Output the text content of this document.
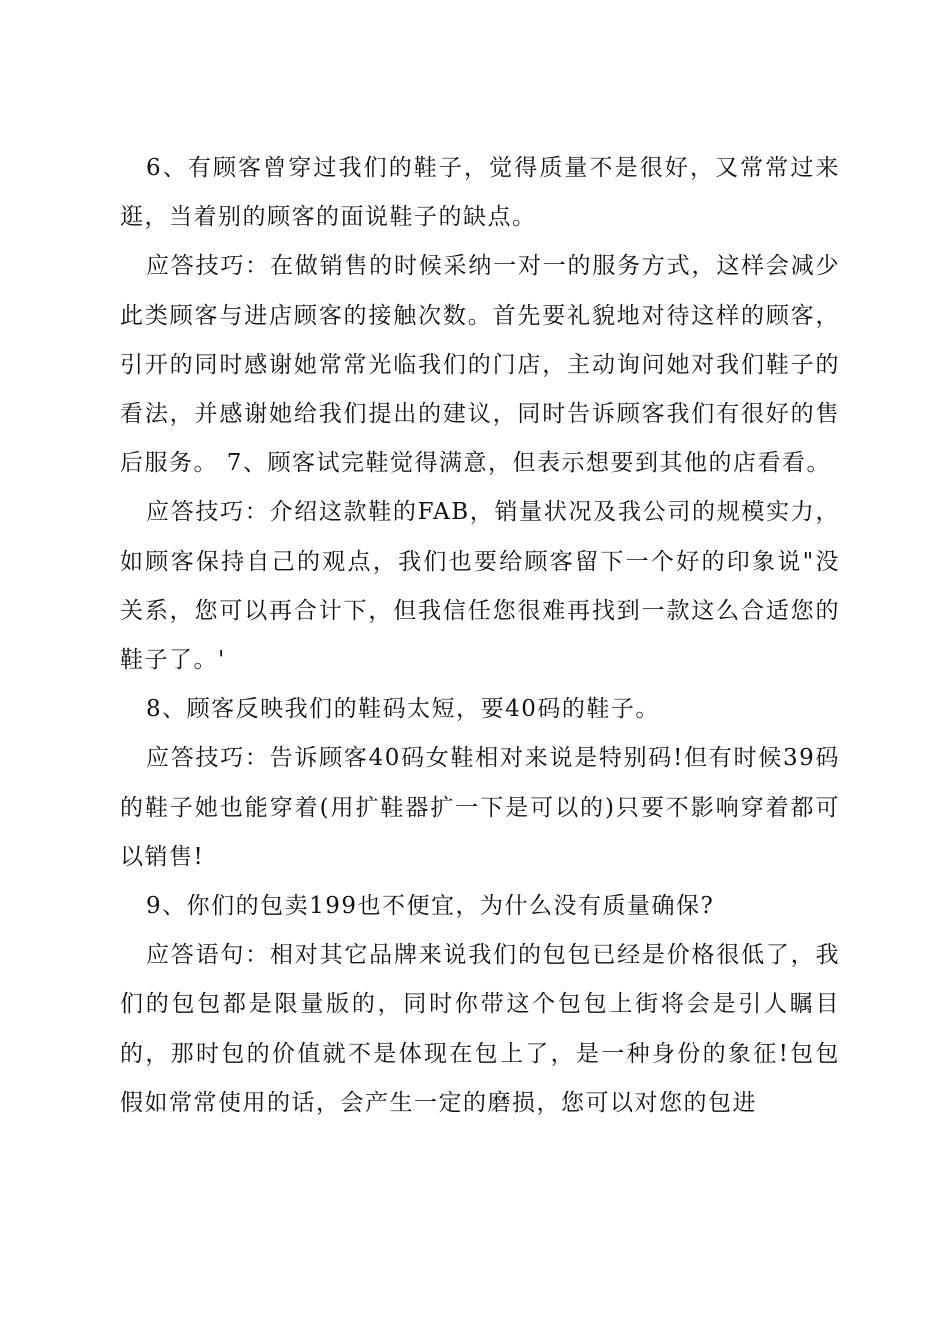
6、有顾客曾穿过我们的鞋子，觉得质量不是很好，又常常过来逛，当着别的顾客的面说鞋子的缺点。

应答技巧：在做销售的时候采纳一对一的服务方式，这样会减少此类顾客与进店顾客的接触次数。首先要礼貌地对待这样的顾客，引开的同时感谢她常常光临我们的门店，主动询问她对我们鞋子的看法，并感谢她给我们提出的建议，同时告诉顾客我们有很好的售后服务。 7、顾客试完鞋觉得满意，但表示想要到其他的店看看。

应答技巧：介绍这款鞋的FAB，销量状况及我公司的规模实力，如顾客保持自己的观点，我们也要给顾客留下一个好的印象说"没关系，您可以再合计下，但我信任您很难再找到一款这么合适您的鞋子了。'

8、顾客反映我们的鞋码太短，要40码的鞋子。

应答技巧：告诉顾客40码女鞋相对来说是特别码!但有时候39码的鞋子她也能穿着(用扩鞋器扩一下是可以的)只要不影响穿着都可以销售!

9、你们的包卖199也不便宜，为什么没有质量确保?

应答语句：相对其它品牌来说我们的包包已经是价格很低了，我们的包包都是限量版的，同时你带这个包包上街将会是引人瞩目的，那时包的价值就不是体现在包上了，是一种身份的象征!包包假如常常使用的话，会产生一定的磨损，您可以对您的包进
